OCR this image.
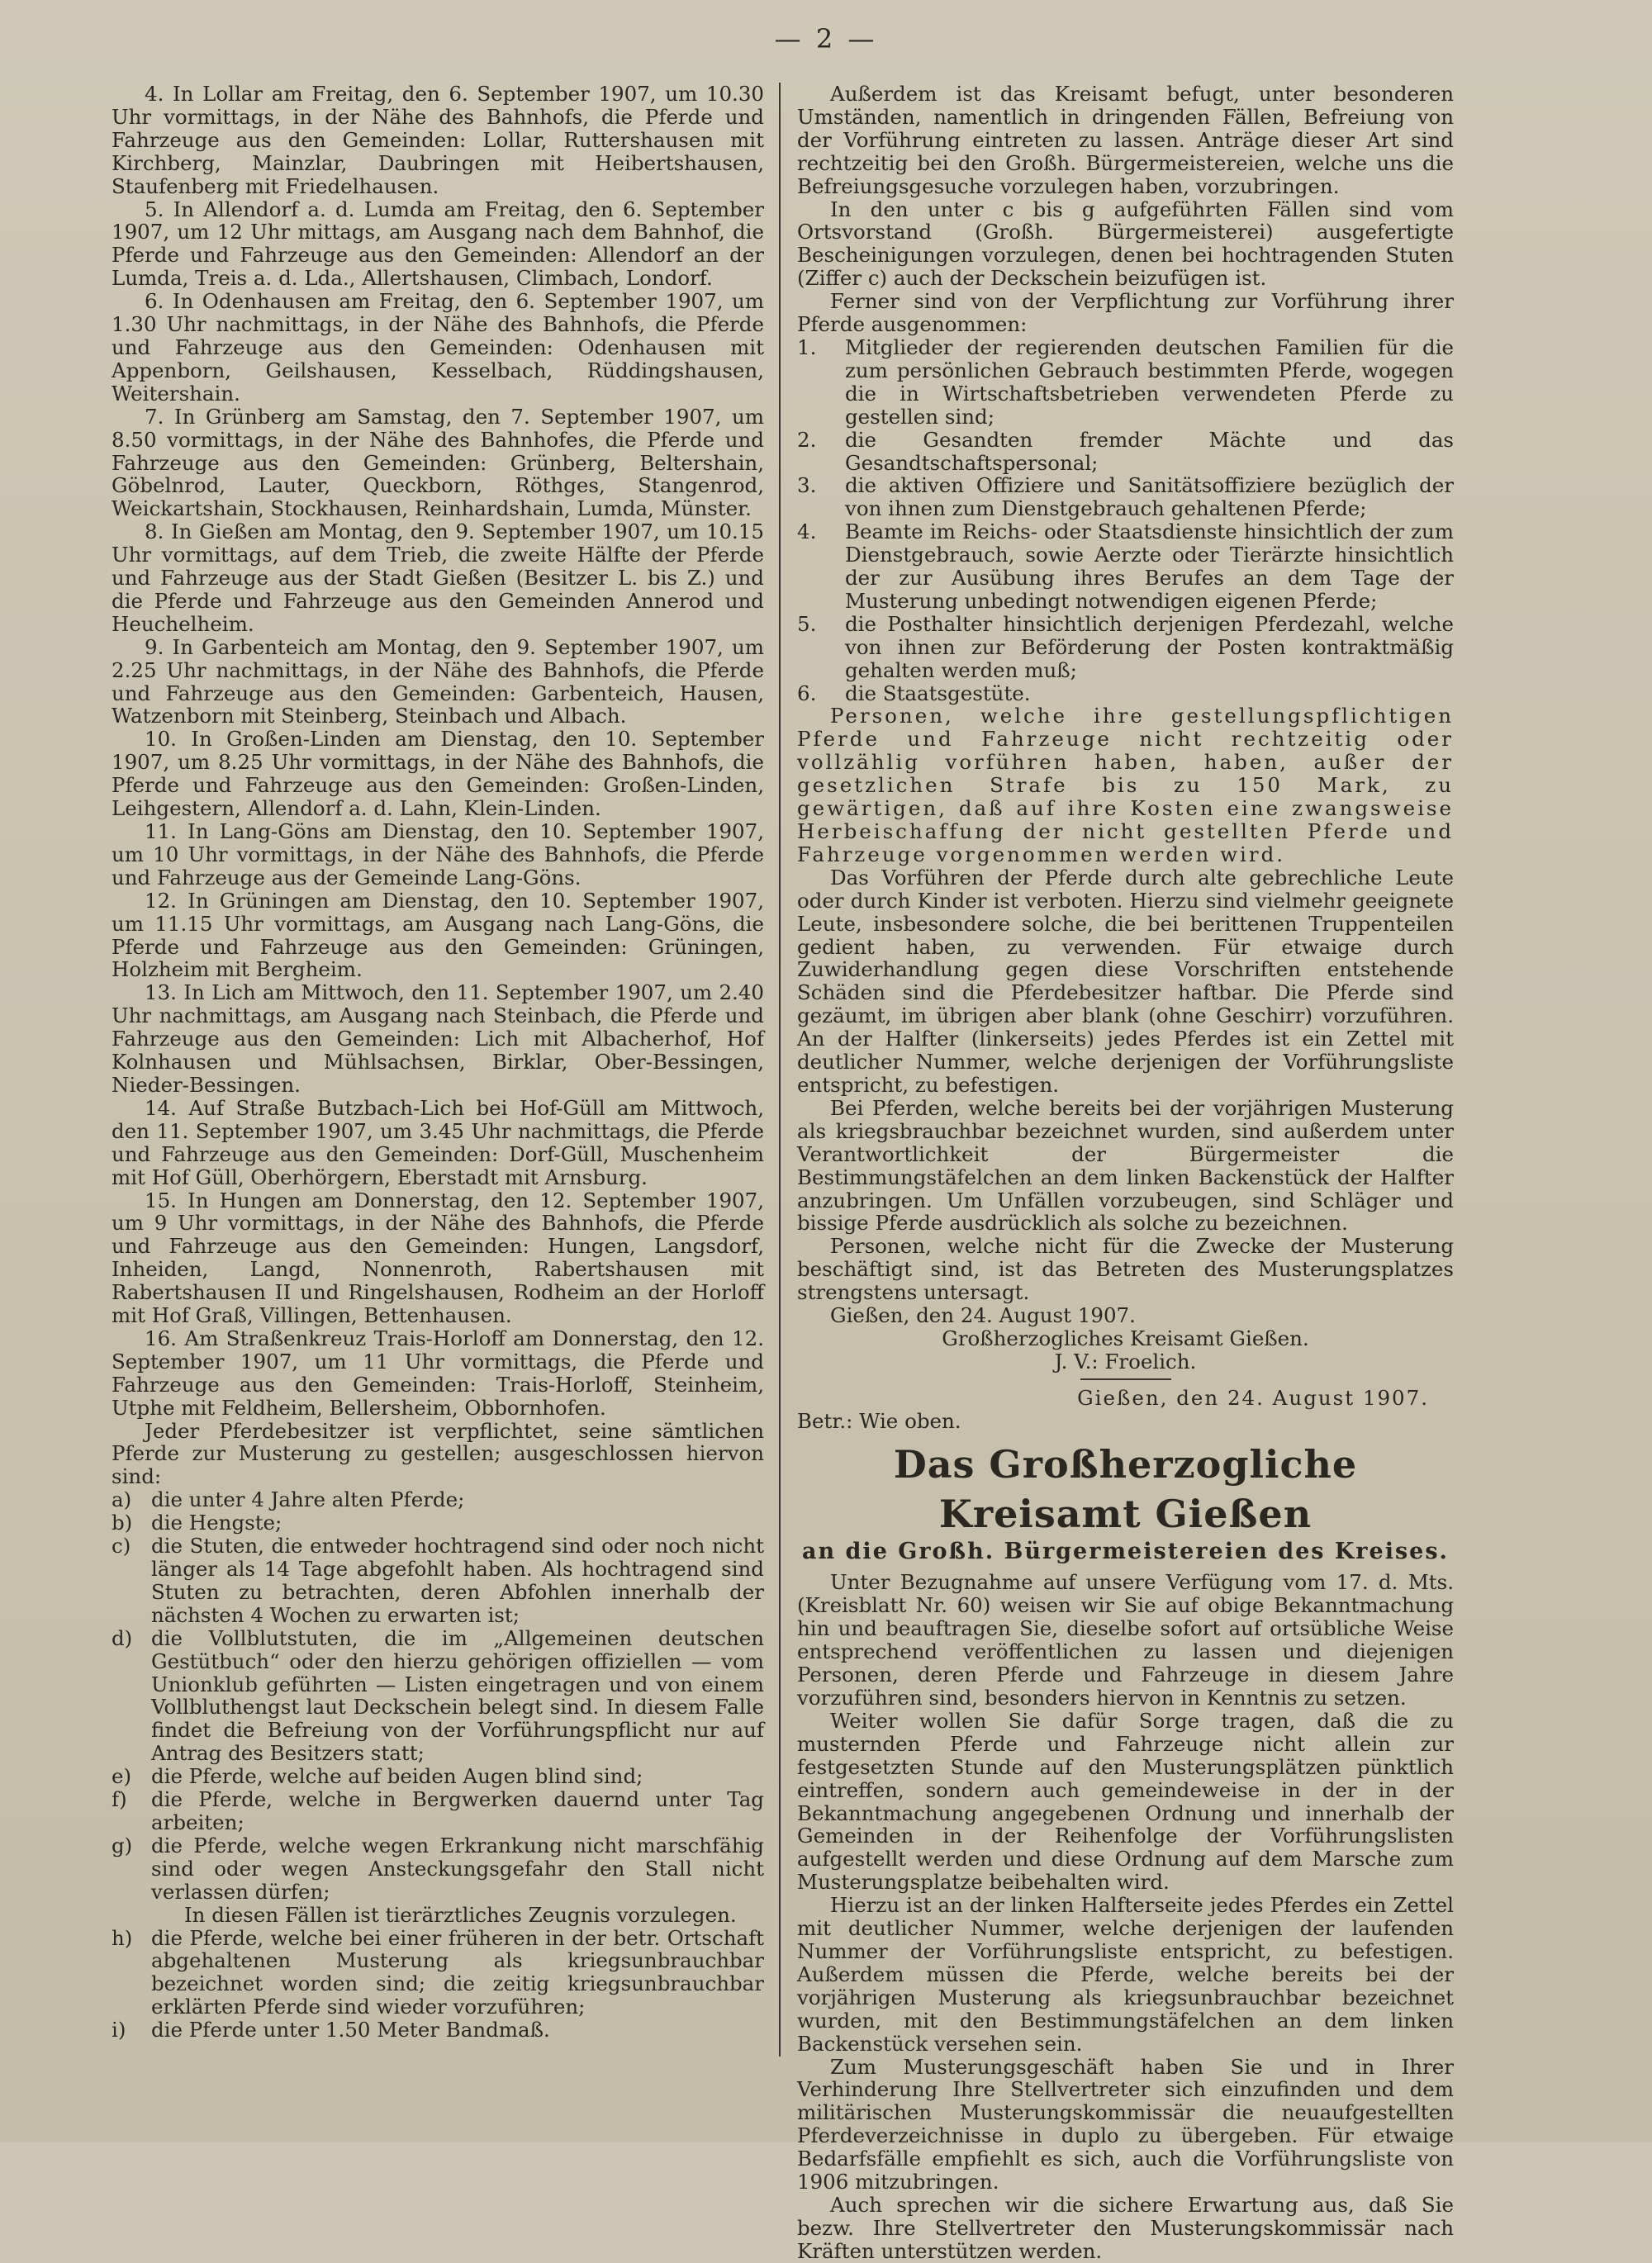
— 2 —

4. In Lollar am Freitag, den 6. September 1907, um 10.30 Uhr vormittags, in der Nähe des Bahnhofs, die Pferde und Fahrzeuge aus den Gemeinden: Lollar, Ruttershausen mit Kirchberg, Mainzlar, Daubringen mit Heibertshausen, Staufenberg mit Friedelhausen.

5. In Allendorf a. d. Lumda am Freitag, den 6. September 1907, um 12 Uhr mittags, am Ausgang nach dem Bahnhof, die Pferde und Fahrzeuge aus den Gemeinden: Allendorf an der Lumda, Treis a. d. Lda., Allertshausen, Climbach, Londorf.

6. In Odenhausen am Freitag, den 6. September 1907, um 1.30 Uhr nachmittags, in der Nähe des Bahnhofs, die Pferde und Fahrzeuge aus den Gemeinden: Odenhausen mit Appenborn, Geilshausen, Kesselbach, Rüddingshausen, Weitershain.

7. In Grünberg am Samstag, den 7. September 1907, um 8.50 vormittags, in der Nähe des Bahnhofes, die Pferde und Fahrzeuge aus den Gemeinden: Grünberg, Beltershain, Göbelnrod, Lauter, Queckborn, Röthges, Stangenrod, Weickartshain, Stockhausen, Reinhardshain, Lumda, Münster.

8. In Gießen am Montag, den 9. September 1907, um 10.15 Uhr vormittags, auf dem Trieb, die zweite Hälfte der Pferde und Fahrzeuge aus der Stadt Gießen (Besitzer L. bis Z.) und die Pferde und Fahrzeuge aus den Gemeinden Annerod und Heuchelheim.

9. In Garbenteich am Montag, den 9. September 1907, um 2.25 Uhr nachmittags, in der Nähe des Bahnhofs, die Pferde und Fahrzeuge aus den Gemeinden: Garbenteich, Hausen, Watzenborn mit Steinberg, Steinbach und Albach.

10. In Großen-Linden am Dienstag, den 10. September 1907, um 8.25 Uhr vormittags, in der Nähe des Bahnhofs, die Pferde und Fahrzeuge aus den Gemeinden: Großen-Linden, Leihgestern, Allendorf a. d. Lahn, Klein-Linden.

11. In Lang-Göns am Dienstag, den 10. September 1907, um 10 Uhr vormittags, in der Nähe des Bahnhofs, die Pferde und Fahrzeuge aus der Gemeinde Lang-Göns.

12. In Grüningen am Dienstag, den 10. September 1907, um 11.15 Uhr vormittags, am Ausgang nach Lang-Göns, die Pferde und Fahrzeuge aus den Gemeinden: Grüningen, Holzheim mit Bergheim.

13. In Lich am Mittwoch, den 11. September 1907, um 2.40 Uhr nachmittags, am Ausgang nach Steinbach, die Pferde und Fahrzeuge aus den Gemeinden: Lich mit Albacherhof, Hof Kolnhausen und Mühlsachsen, Birklar, Ober-Bessingen, Nieder-Bessingen.

14. Auf Straße Butzbach-Lich bei Hof-Güll am Mittwoch, den 11. September 1907, um 3.45 Uhr nachmittags, die Pferde und Fahrzeuge aus den Gemeinden: Dorf-Güll, Muschenheim mit Hof Güll, Oberhörgern, Eberstadt mit Arnsburg.

15. In Hungen am Donnerstag, den 12. September 1907, um 9 Uhr vormittags, in der Nähe des Bahnhofs, die Pferde und Fahrzeuge aus den Gemeinden: Hungen, Langsdorf, Inheiden, Langd, Nonnenroth, Rabertshausen mit Rabertshausen II und Ringelshausen, Rodheim an der Horloff mit Hof Graß, Villingen, Bettenhausen.

16. Am Straßenkreuz Trais-Horloff am Donnerstag, den 12. September 1907, um 11 Uhr vormittags, die Pferde und Fahrzeuge aus den Gemeinden: Trais-Horloff, Steinheim, Utphe mit Feldheim, Bellersheim, Obbornhofen.

Jeder Pferdebesitzer ist verpflichtet, seine sämtlichen Pferde zur Musterung zu gestellen; ausgeschlossen hiervon sind:

a) die unter 4 Jahre alten Pferde;
b) die Hengste;
c) die Stuten, die entweder hochtragend sind oder noch nicht länger als 14 Tage abgefohlt haben. Als hochtragend sind Stuten zu betrachten, deren Abfohlen innerhalb der nächsten 4 Wochen zu erwarten ist;
d) die Vollblutstuten, die im „Allgemeinen deutschen Gestütbuch“ oder den hierzu gehörigen offiziellen — vom Unionklub geführten — Listen eingetragen und von einem Vollbluthengst laut Deckschein belegt sind. In diesem Falle findet die Befreiung von der Vorführungspflicht nur auf Antrag des Besitzers statt;
e) die Pferde, welche auf beiden Augen blind sind;
f) die Pferde, welche in Bergwerken dauernd unter Tag arbeiten;
g) die Pferde, welche wegen Erkrankung nicht marschfähig sind oder wegen Ansteckungsgefahr den Stall nicht verlassen dürfen;
In diesen Fällen ist tierärztliches Zeugnis vorzulegen.
h) die Pferde, welche bei einer früheren in der betr. Ortschaft abgehaltenen Musterung als kriegsunbrauchbar bezeichnet worden sind; die zeitig kriegsunbrauchbar erklärten Pferde sind wieder vorzuführen;
i) die Pferde unter 1.50 Meter Bandmaß.

Außerdem ist das Kreisamt befugt, unter besonderen Umständen, namentlich in dringenden Fällen, Befreiung von der Vorführung eintreten zu lassen. Anträge dieser Art sind rechtzeitig bei den Großh. Bürgermeistereien, welche uns die Befreiungsgesuche vorzulegen haben, vorzubringen.

In den unter c bis g aufgeführten Fällen sind vom Ortsvorstand (Großh. Bürgermeisterei) ausgefertigte Bescheinigungen vorzulegen, denen bei hochtragenden Stuten (Ziffer c) auch der Deckschein beizufügen ist.

Ferner sind von der Verpflichtung zur Vorführung ihrer Pferde ausgenommen:

1. Mitglieder der regierenden deutschen Familien für die zum persönlichen Gebrauch bestimmten Pferde, wogegen die in Wirtschaftsbetrieben verwendeten Pferde zu gestellen sind;
2. die Gesandten fremder Mächte und das Gesandtschaftspersonal;
3. die aktiven Offiziere und Sanitätsoffiziere bezüglich der von ihnen zum Dienstgebrauch gehaltenen Pferde;
4. Beamte im Reichs- oder Staatsdienste hinsichtlich der zum Dienstgebrauch, sowie Aerzte oder Tierärzte hinsichtlich der zur Ausübung ihres Berufes an dem Tage der Musterung unbedingt notwendigen eigenen Pferde;
5. die Posthalter hinsichtlich derjenigen Pferdezahl, welche von ihnen zur Beförderung der Posten kontraktmäßig gehalten werden muß;
6. die Staatsgestüte.

Personen, welche ihre gestellungspflichtigen Pferde und Fahrzeuge nicht rechtzeitig oder vollzählig vorführen haben, haben, außer der gesetzlichen Strafe bis zu 150 Mark, zu gewärtigen, daß auf ihre Kosten eine zwangsweise Herbeischaffung der nicht gestellten Pferde und Fahrzeuge vorgenommen werden wird.

Das Vorführen der Pferde durch alte gebrechliche Leute oder durch Kinder ist verboten. Hierzu sind vielmehr geeignete Leute, insbesondere solche, die bei berittenen Truppenteilen gedient haben, zu verwenden. Für etwaige durch Zuwiderhandlung gegen diese Vorschriften entstehende Schäden sind die Pferdebesitzer haftbar. Die Pferde sind gezäumt, im übrigen aber blank (ohne Geschirr) vorzuführen. An der Halfter (linkerseits) jedes Pferdes ist ein Zettel mit deutlicher Nummer, welche derjenigen der Vorführungsliste entspricht, zu befestigen.

Bei Pferden, welche bereits bei der vorjährigen Musterung als kriegsbrauchbar bezeichnet wurden, sind außerdem unter Verantwortlichkeit der Bürgermeister die Bestimmungstäfelchen an dem linken Backenstück der Halfter anzubringen. Um Unfällen vorzubeugen, sind Schläger und bissige Pferde ausdrücklich als solche zu bezeichnen.

Personen, welche nicht für die Zwecke der Musterung beschäftigt sind, ist das Betreten des Musterungsplatzes strengstens untersagt.

Gießen, den 24. August 1907.

Großherzogliches Kreisamt Gießen.

J. V.: Froelich.

Gießen, den 24. August 1907.

Betr.: Wie oben.

Das Großherzogliche Kreisamt Gießen
an die Großh. Bürgermeistereien des Kreises.

Unter Bezugnahme auf unsere Verfügung vom 17. d. Mts. (Kreisblatt Nr. 60) weisen wir Sie auf obige Bekanntmachung hin und beauftragen Sie, dieselbe sofort auf ortsübliche Weise entsprechend veröffentlichen zu lassen und diejenigen Personen, deren Pferde und Fahrzeuge in diesem Jahre vorzuführen sind, besonders hiervon in Kenntnis zu setzen.

Weiter wollen Sie dafür Sorge tragen, daß die zu musternden Pferde und Fahrzeuge nicht allein zur festgesetzten Stunde auf den Musterungsplätzen pünktlich eintreffen, sondern auch gemeindeweise in der in der Bekanntmachung angegebenen Ordnung und innerhalb der Gemeinden in der Reihenfolge der Vorführungslisten aufgestellt werden und diese Ordnung auf dem Marsche zum Musterungsplatze beibehalten wird.

Hierzu ist an der linken Halfterseite jedes Pferdes ein Zettel mit deutlicher Nummer, welche derjenigen der laufenden Nummer der Vorführungsliste entspricht, zu befestigen. Außerdem müssen die Pferde, welche bereits bei der vorjährigen Musterung als kriegsunbrauchbar bezeichnet wurden, mit den Bestimmungstäfelchen an dem linken Backenstück versehen sein.

Zum Musterungsgeschäft haben Sie und in Ihrer Verhinderung Ihre Stellvertreter sich einzufinden und dem militärischen Musterungskommissär die neuaufgestellten Pferdeverzeichnisse in duplo zu übergeben. Für etwaige Bedarfsfälle empfiehlt es sich, auch die Vorführungsliste von 1906 mitzubringen.

Auch sprechen wir die sichere Erwartung aus, daß Sie bezw. Ihre Stellvertreter den Musterungskommissär nach Kräften unterstützen werden.
